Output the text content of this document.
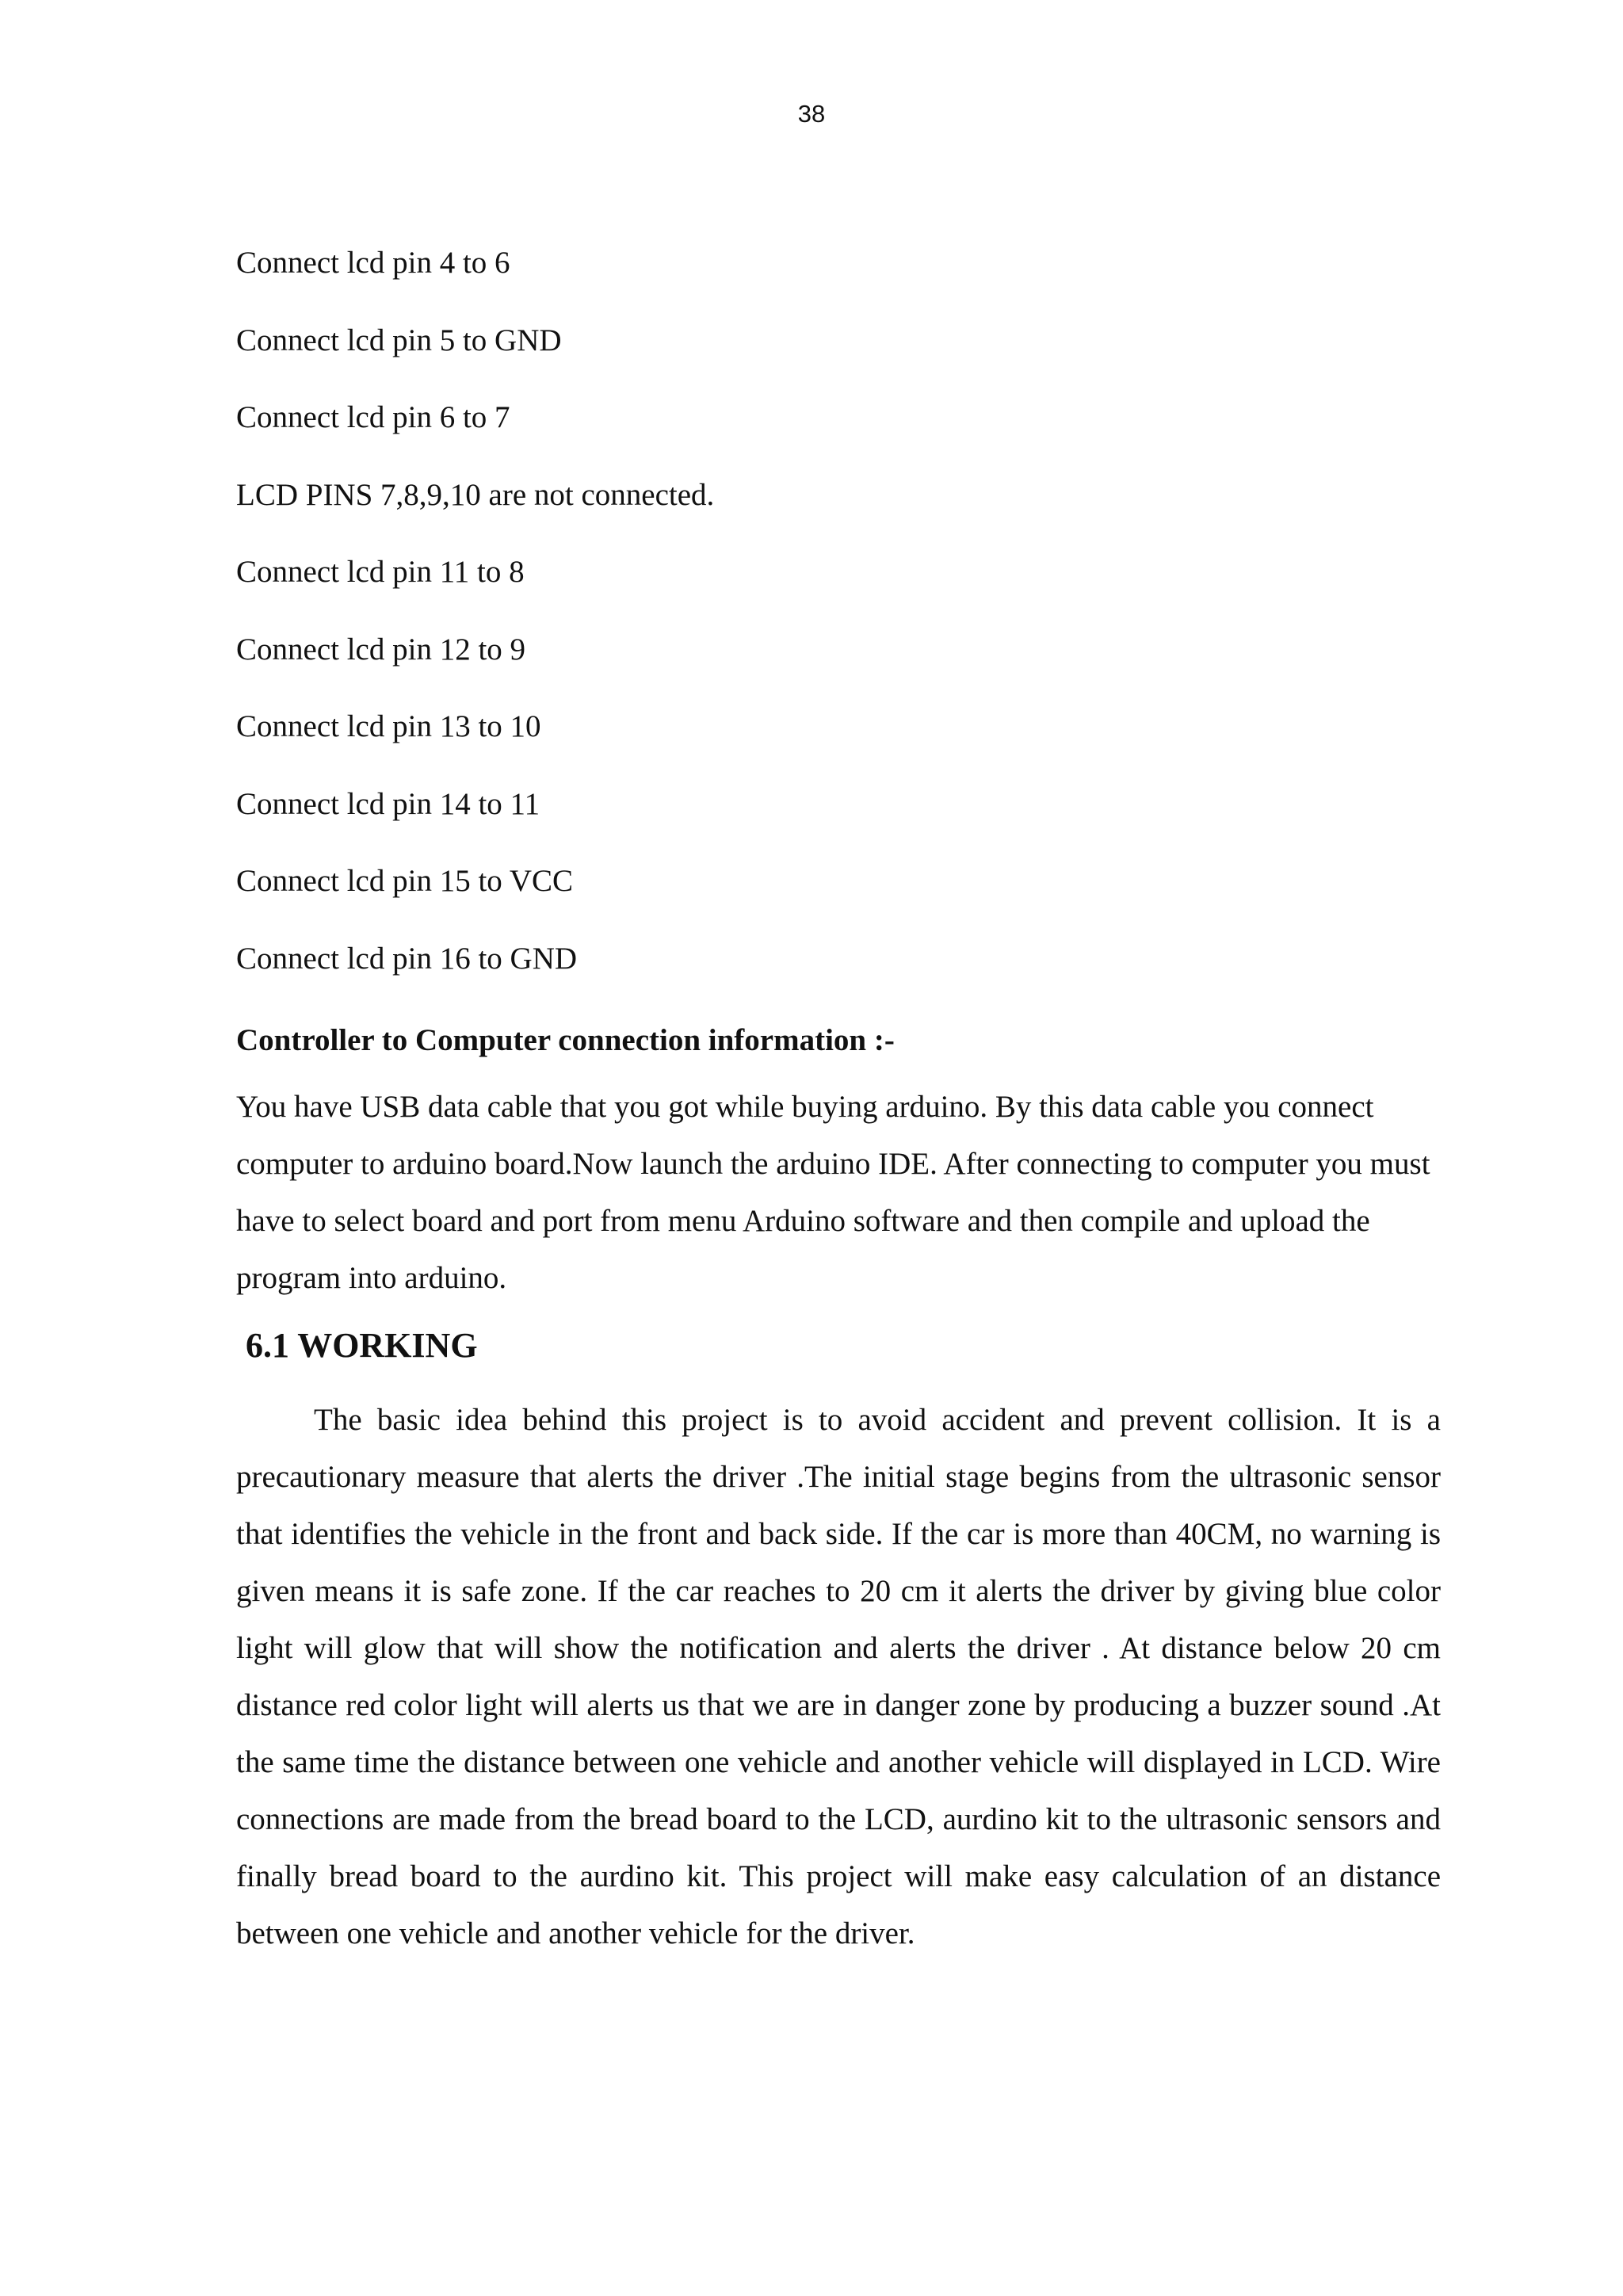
38
Connect lcd pin 4 to 6
Connect lcd pin 5 to GND
Connect lcd pin 6 to 7
LCD PINS 7,8,9,10 are not connected.
Connect lcd pin 11 to 8
Connect lcd pin 12 to 9
Connect lcd pin 13 to 10
Connect lcd pin 14 to 11
Connect lcd pin 15 to VCC
Connect lcd pin 16 to GND
Controller to Computer connection information :-

You have USB data cable that you got while buying arduino. By this data cable you connect computer to arduino board.Now launch the arduino IDE. After connecting to computer you must have to select board and port from menu Arduino software and then compile and upload the program into arduino.

6.1 WORKING

The basic idea behind this project is to avoid accident and prevent collision. It is a precautionary measure that alerts the driver .The initial stage begins from the ultrasonic sensor that identifies the vehicle in the front and back side. If the car is more than 40CM, no warning is given means it is safe zone. If the car reaches to 20 cm it alerts the driver by giving blue color light will glow that will show the notification and alerts the driver . At distance below 20 cm distance red color light will alerts us that we are in danger zone by producing a buzzer sound .At the same time the distance between one vehicle and another vehicle will displayed in LCD. Wire connections are made from the bread board to the LCD, aurdino kit to the ultrasonic sensors and finally bread board to the aurdino kit. This project will make easy calculation of an distance between one vehicle and another vehicle for the driver.
